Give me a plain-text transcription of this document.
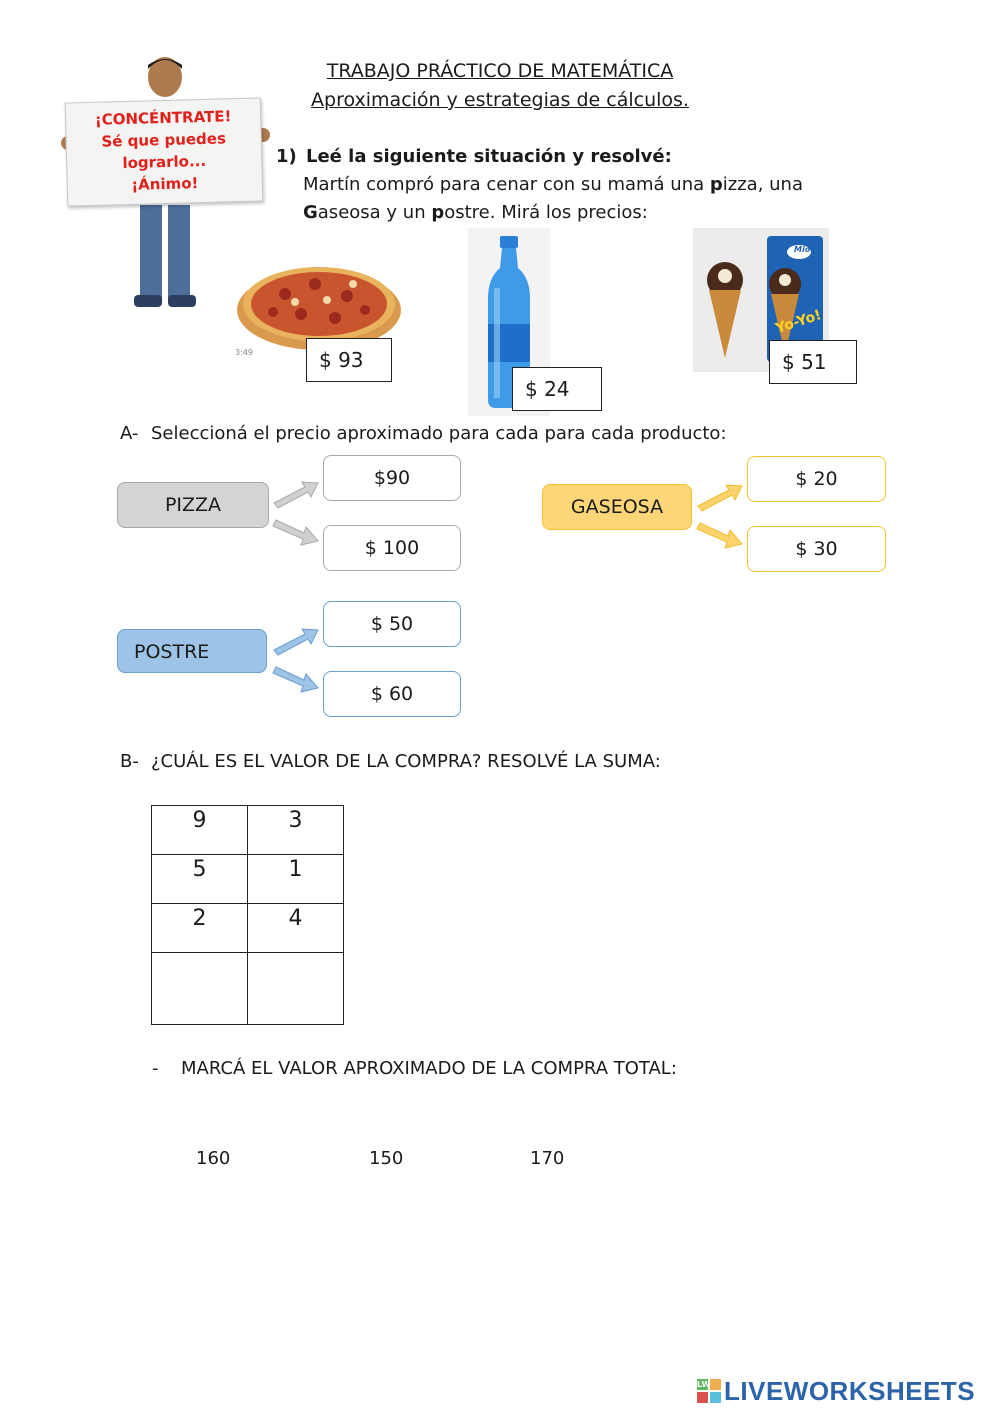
TRABAJO PRÁCTICO DE MATEMÁTICA
Aproximación y estrategias de cálculos.
¡CONCÉNTRATE!
Sé que puedes
lograrlo...
¡Ánimo!
1) Leé la siguiente situación y resolvé:
Martín compró para cenar con su mamá una pizza, una
Gaseosa y un postre. Mirá los precios:
3:49	$ 93
$ 24
Mio
Yo-Yo!
$ 51
A- Seleccioná el precio aproximado para cada para cada producto:
PIZZA
$90
$ 100
GASEOSA
$ 20
$ 30
POSTRE
$ 50
$ 60
B- ¿CUÁL ES EL VALOR DE LA COMPRA? RESOLVÉ LA SUMA:
9	3
5	1
2	4

- MARCÁ EL VALOR APROXIMADO DE LA COMPRA TOTAL:
160	150	170
LW LIVEWORKSHEETS
